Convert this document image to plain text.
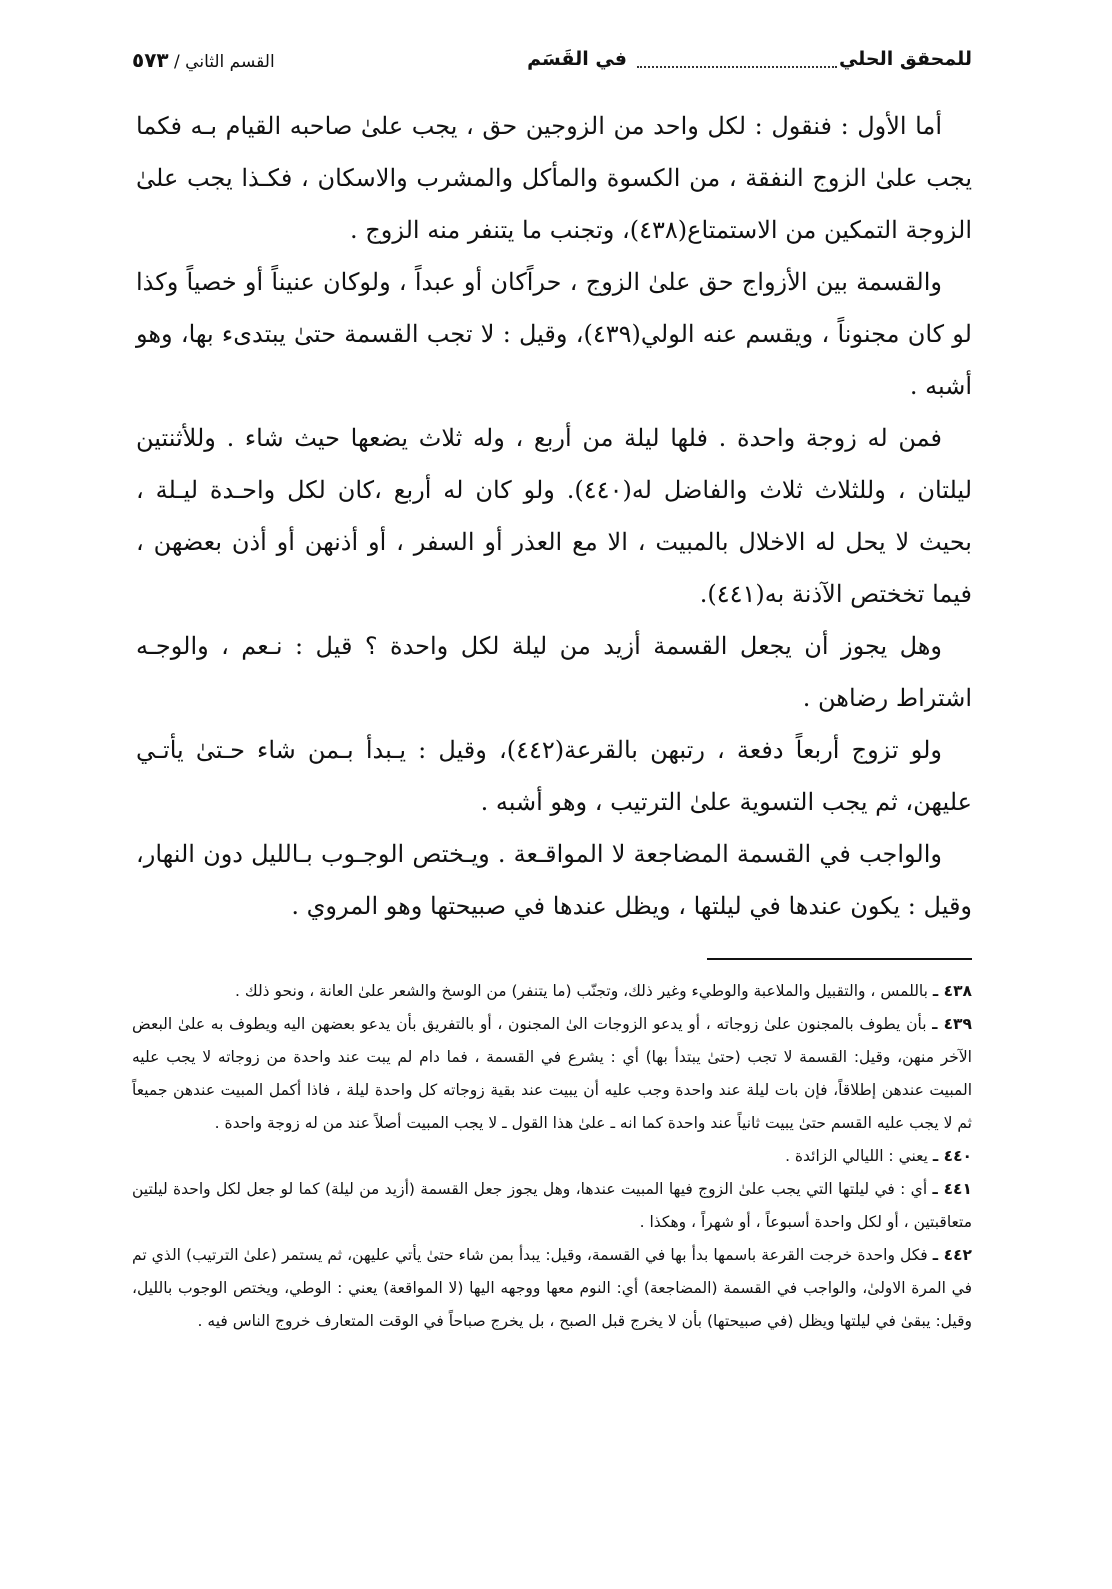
للمحقق الحلي
في القَسَم
القسم الثاني / ٥٧٣

أما الأول : فنقول : لكل واحد من الزوجين حق ، يجب علىٰ صاحبه القيام بـه فكما يجب علىٰ الزوج النفقة ، من الكسوة والمأكل والمشرب والاسكان ، فكـذا يجب علىٰ الزوجة التمكين من الاستمتاع(٤٣٨)، وتجنب ما يتنفر منه الزوج .

والقسمة بين الأزواج حق علىٰ الزوج ، حراًكان أو عبداً ، ولوكان عنيناً أو خصياً وكذا لو كان مجنوناً ، ويقسم عنه الولي(٤٣٩)، وقيل : لا تجب القسمة حتىٰ يبتدىء بها، وهو أشبه .

فمن له زوجة واحدة . فلها ليلة من أربع ، وله ثلاث يضعها حيث شاء . وللأثنتين ليلتان ، وللثلاث ثلاث والفاضل له(٤٤٠). ولو كان له أربع ،كان لكل واحـدة ليـلة ، بحيث لا يحل له الاخلال بالمبيت ، الا مع العذر أو السفر ، أو أذنهن أو أذن بعضهن ، فيما تخختص الآذنة به(٤٤١).

وهل يجوز أن يجعل القسمة أزيد من ليلة لكل واحدة ؟ قيل : نـعم ، والوجـه اشتراط رضاهن .

ولو تزوج أربعاً دفعة ، رتبهن بالقرعة(٤٤٢)، وقيل : يـبدأ بـمن شاء حـتىٰ يأتـي عليهن، ثم يجب التسوية علىٰ الترتيب ، وهو أشبه .

والواجب في القسمة المضاجعة لا المواقـعة . ويـختص الوجـوب بـالليل دون النهار، وقيل : يكون عندها في ليلتها ، ويظل عندها في صبيحتها وهو المروي .

٤٣٨ ـ باللمس ، والتقبيل والملاعبة والوطيء وغير ذلك، وتجنّب (ما يتنفر) من الوسخ والشعر علىٰ العانة ، ونحو ذلك .

٤٣٩ ـ بأن يطوف بالمجنون علىٰ زوجاته ، أو يدعو الزوجات الىٰ المجنون ، أو بالتفريق بأن يدعو بعضهن اليه ويطوف به علىٰ البعض الآخر منهن، وقيل: القسمة لا تجب (حتىٰ يبتدأ بها) أي : يشرع في القسمة ، فما دام لم يبت عند واحدة من زوجاته لا يجب عليه المبيت عندهن إطلاقاً، فإن بات ليلة عند واحدة وجب عليه أن يبيت عند بقية زوجاته كل واحدة ليلة ، فاذا أكمل المبيت عندهن جميعاً ثم لا يجب عليه القسم حتىٰ يبيت ثانياً عند واحدة كما انه ـ علىٰ هذا القول ـ لا يجب المبيت أصلاً عند من له زوجة واحدة .

٤٤٠ ـ يعني : الليالي الزائدة .

٤٤١ ـ أي : في ليلتها التي يجب علىٰ الزوج فيها المبيت عندها، وهل يجوز جعل القسمة (أزيد من ليلة) كما لو جعل لكل واحدة ليلتين متعاقبتين ، أو لكل واحدة أسبوعاً ، أو شهراً ، وهكذا .

٤٤٢ ـ فكل واحدة خرجت القرعة باسمها بدأ بها في القسمة، وقيل: يبدأ بمن شاء حتىٰ يأتي عليهن، ثم يستمر (علىٰ الترتيب) الذي تم في المرة الاولىٰ، والواجب في القسمة (المضاجعة) أي: النوم معها ووجهه اليها (لا المواقعة) يعني : الوطي، ويختص الوجوب بالليل، وقيل: يبقىٰ في ليلتها ويظل (في صبيحتها) بأن لا يخرج قبل الصبح ، بل يخرج صباحاً في الوقت المتعارف خروج الناس فيه .
